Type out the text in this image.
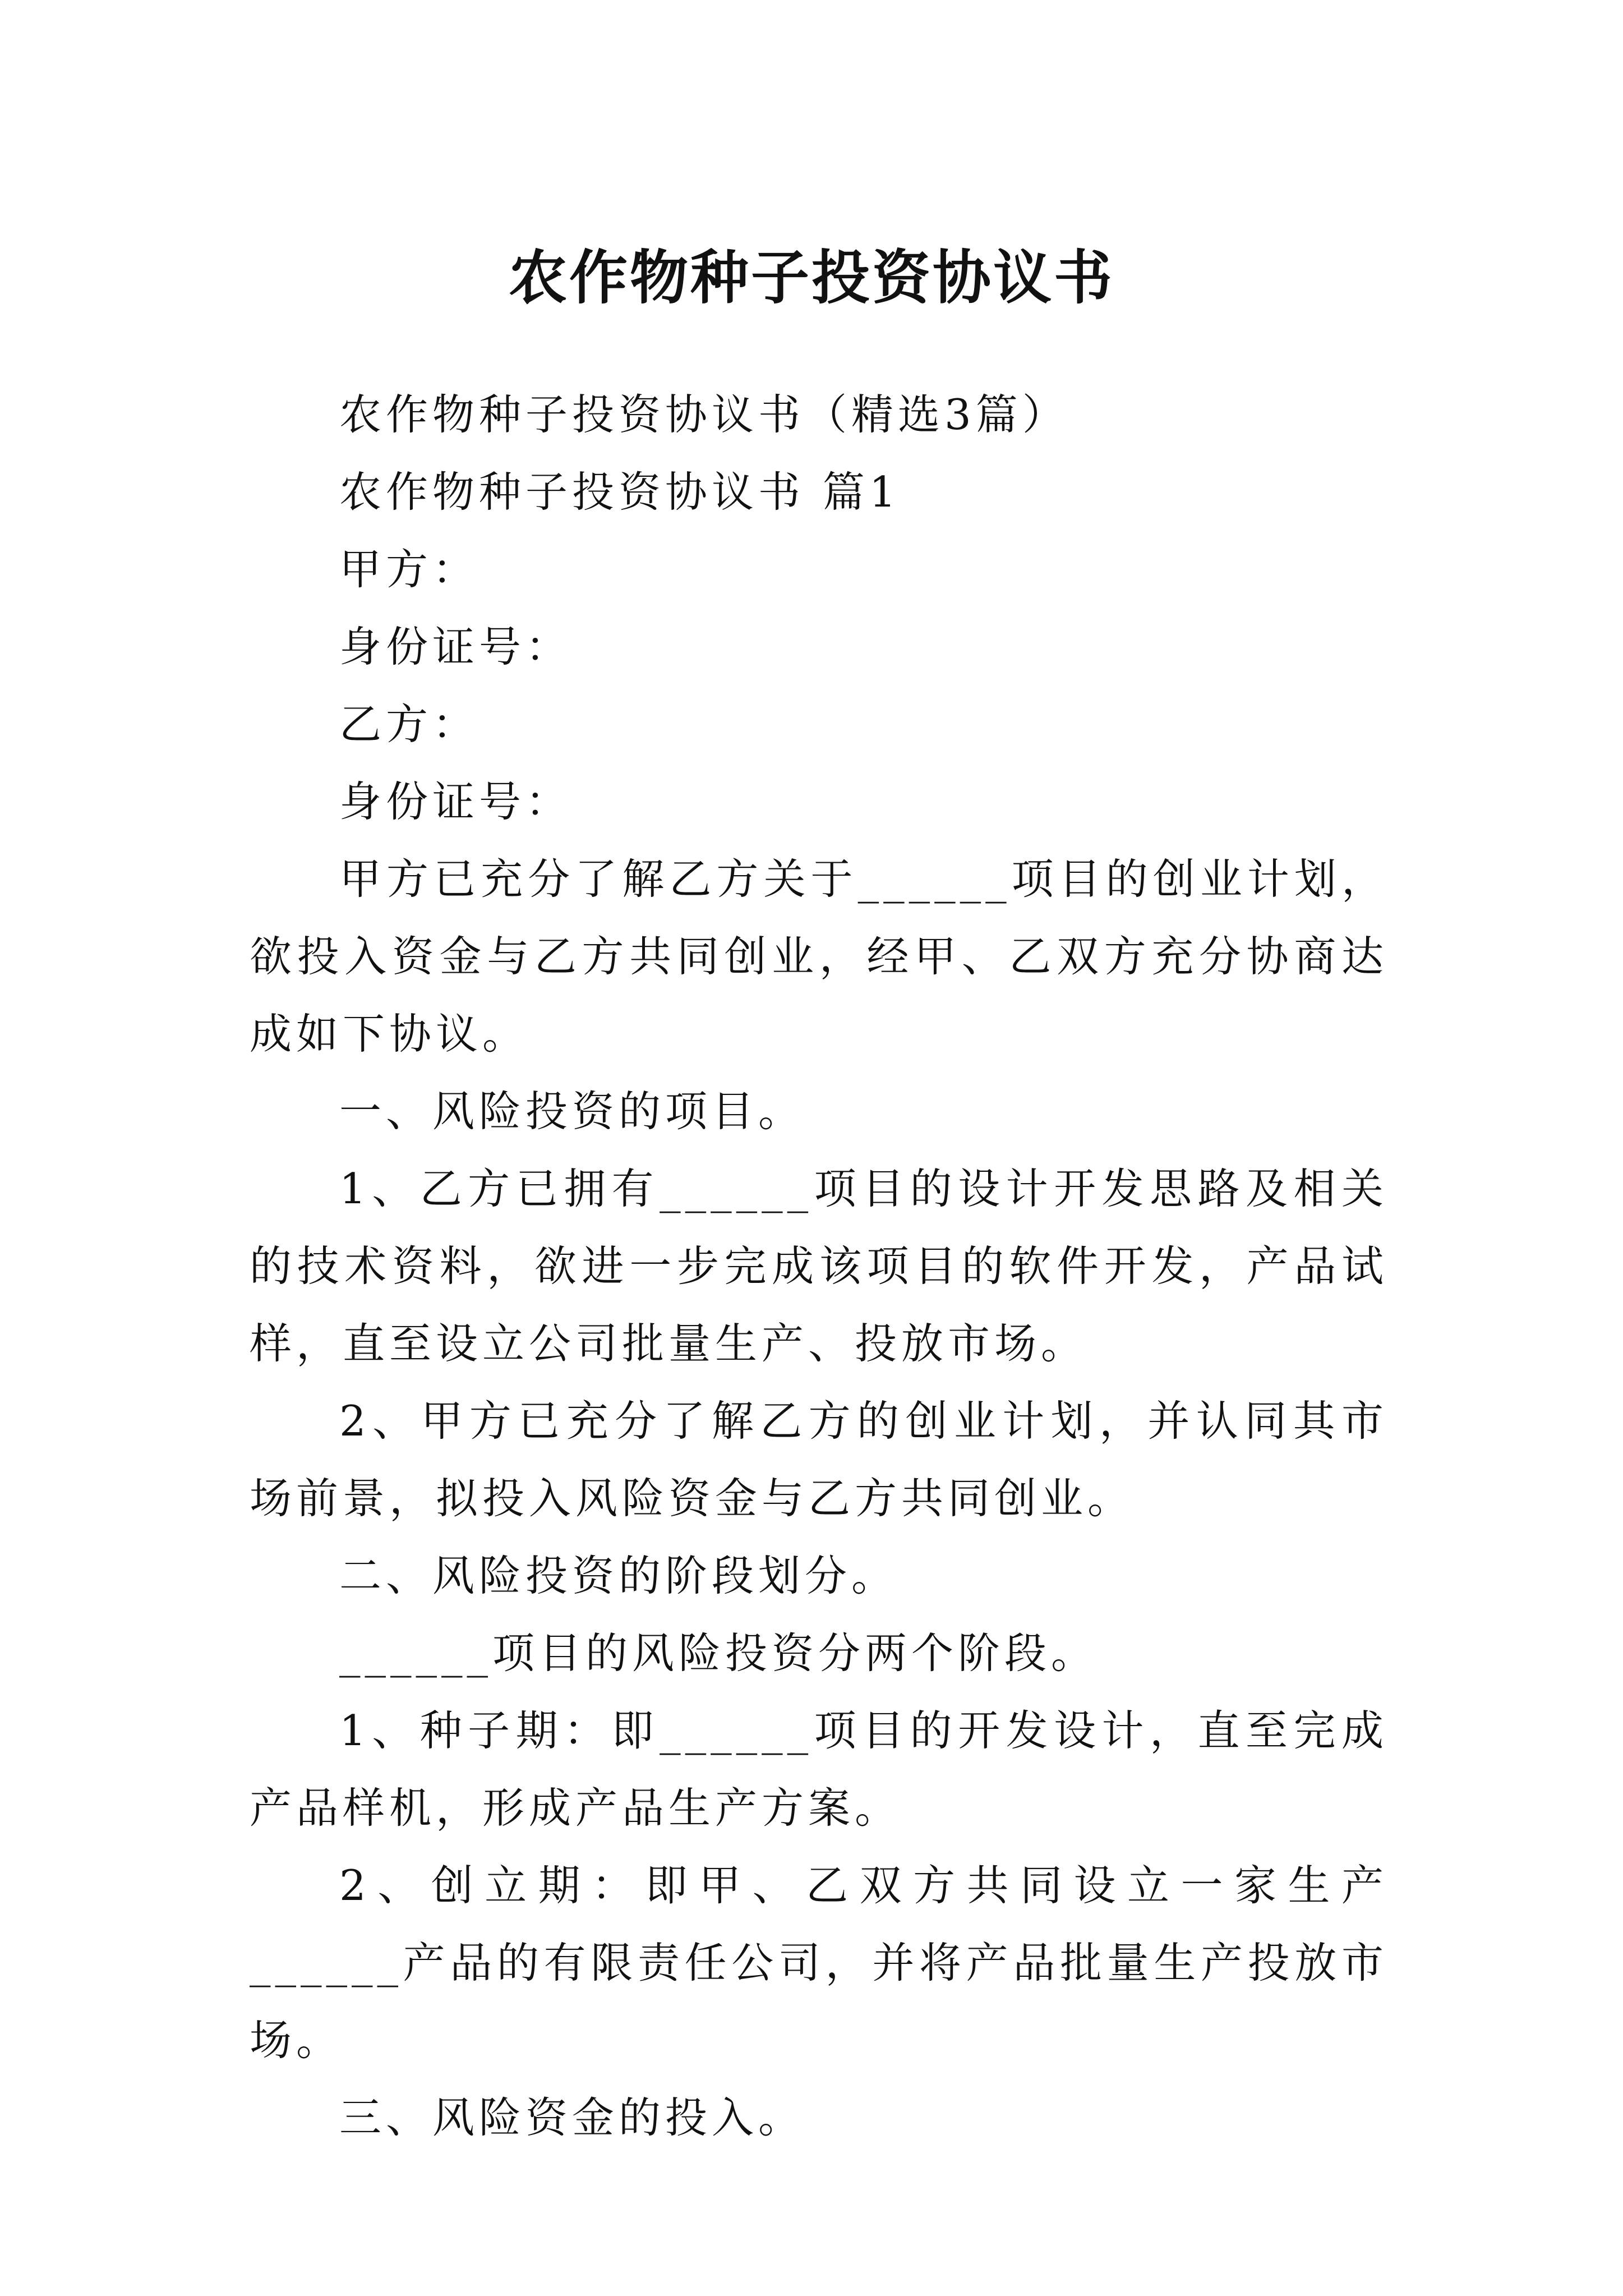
农作物种子投资协议书

农作物种子投资协议书（精选3篇）

农作物种子投资协议书 篇1

甲方：

身份证号：

乙方：

身份证号：

甲方已充分了解乙方关于______项目的创业计划，欲投入资金与乙方共同创业，经甲、乙双方充分协商达成如下协议。

一、风险投资的项目。

1、乙方已拥有______项目的设计开发思路及相关的技术资料，欲进一步完成该项目的软件开发，产品试样，直至设立公司批量生产、投放市场。

2、甲方已充分了解乙方的创业计划，并认同其市场前景，拟投入风险资金与乙方共同创业。

二、风险投资的阶段划分。

______项目的风险投资分两个阶段。

1、种子期：即______项目的开发设计，直至完成产品样机，形成产品生产方案。

2、创立期：即甲、乙双方共同设立一家生产______产品的有限责任公司，并将产品批量生产投放市场。

三、风险资金的投入。
